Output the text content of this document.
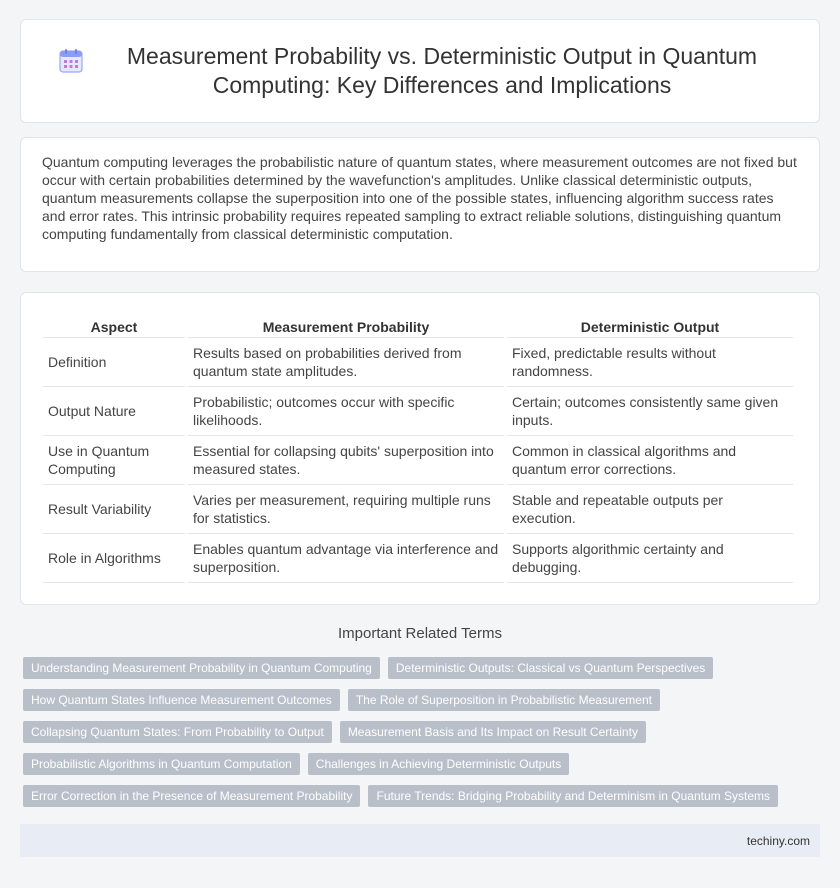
Measurement Probability vs. Deterministic Output in Quantum Computing: Key Differences and Implications

Quantum computing leverages the probabilistic nature of quantum states, where measurement outcomes are not fixed but occur with certain probabilities determined by the wavefunction's amplitudes. Unlike classical deterministic outputs, quantum measurements collapse the superposition into one of the possible states, influencing algorithm success rates and error rates. This intrinsic probability requires repeated sampling to extract reliable solutions, distinguishing quantum computing fundamentally from classical deterministic computation.

Aspect	Measurement Probability	Deterministic Output
Definition	Results based on probabilities derived from quantum state amplitudes.	Fixed, predictable results without randomness.
Output Nature	Probabilistic; outcomes occur with specific likelihoods.	Certain; outcomes consistently same given inputs.
Use in Quantum Computing	Essential for collapsing qubits' superposition into measured states.	Common in classical algorithms and quantum error corrections.
Result Variability	Varies per measurement, requiring multiple runs for statistics.	Stable and repeatable outputs per execution.
Role in Algorithms	Enables quantum advantage via interference and superposition.	Supports algorithmic certainty and debugging.
Important Related Terms
Understanding Measurement Probability in Quantum Computing	Deterministic Outputs: Classical vs Quantum Perspectives
How Quantum States Influence Measurement Outcomes	The Role of Superposition in Probabilistic Measurement
Collapsing Quantum States: From Probability to Output	Measurement Basis and Its Impact on Result Certainty
Probabilistic Algorithms in Quantum Computation	Challenges in Achieving Deterministic Outputs
Error Correction in the Presence of Measurement Probability	Future Trends: Bridging Probability and Determinism in Quantum Systems
techiny.com
